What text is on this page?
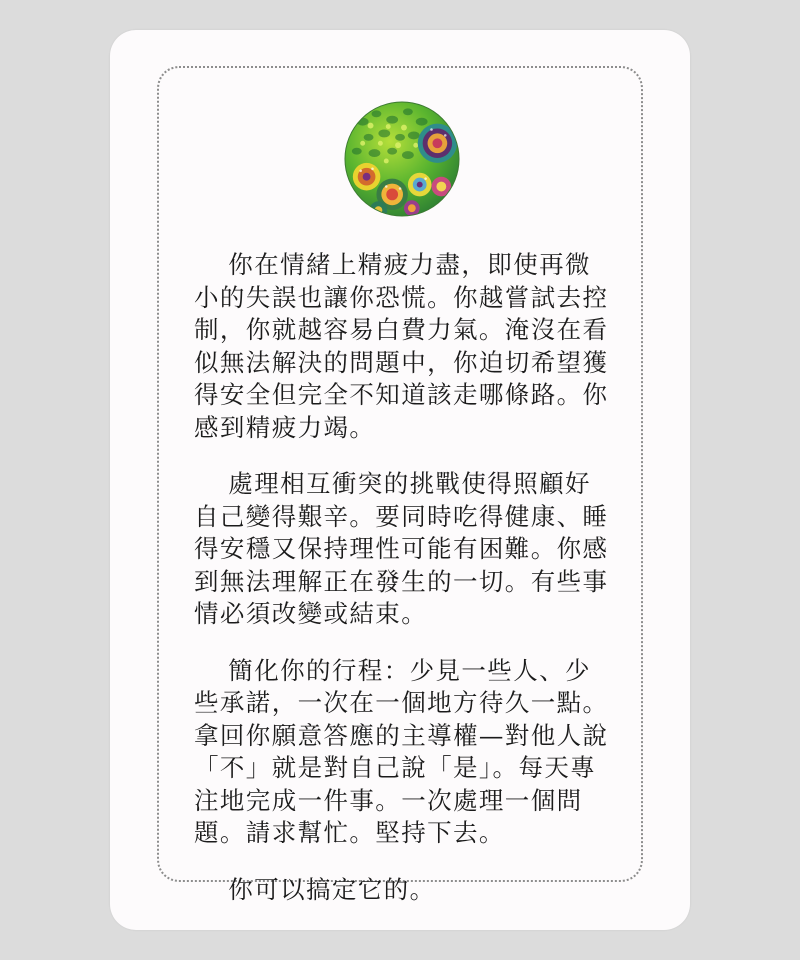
你在情緒上精疲力盡，即使再微小的失誤也讓你恐慌。你越嘗試去控制，你就越容易白費力氣。淹沒在看似無法解決的問題中，你迫切希望獲得安全但完全不知道該走哪條路。你感到精疲力竭。

處理相互衝突的挑戰使得照顧好自己變得艱辛。要同時吃得健康、睡得安穩又保持理性可能有困難。你感到無法理解正在發生的一切。有些事情必須改變或結束。

簡化你的行程：少見一些人、少些承諾，一次在一個地方待久一點。拿回你願意答應的主導權—對他人說「不」就是對自己說「是」。每天專注地完成一件事。一次處理一個問題。請求幫忙。堅持下去。

你可以搞定它的。
